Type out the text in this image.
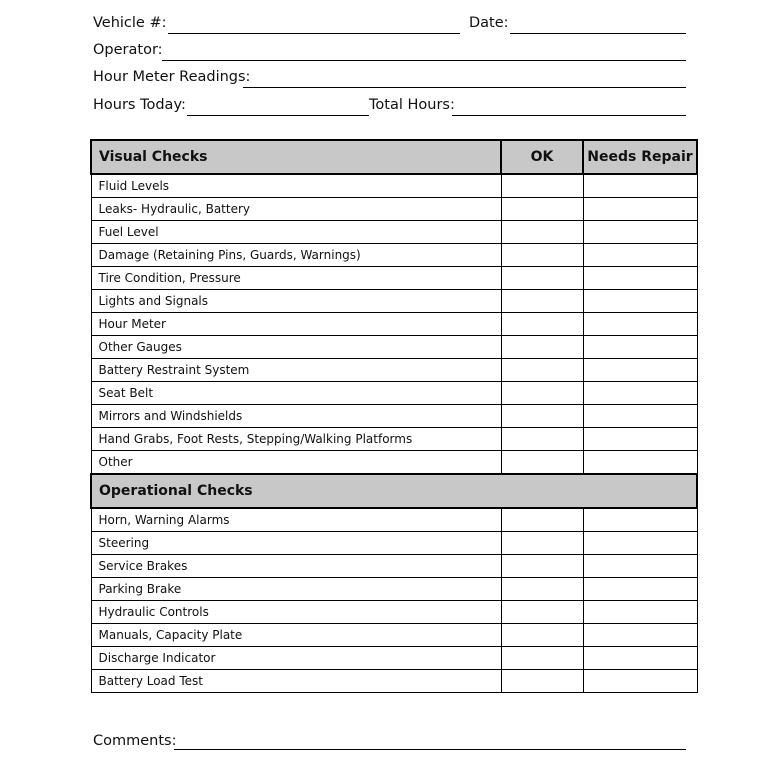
Vehicle #:	Date:
Operator:
Hour Meter Readings:
Hours Today:	Total Hours:
Visual Checks	OK	Needs Repair
Fluid Levels		
Leaks- Hydraulic, Battery		
Fuel Level		
Damage (Retaining Pins, Guards, Warnings)		
Tire Condition, Pressure		
Lights and Signals		
Hour Meter		
Other Gauges		
Battery Restraint System		
Seat Belt		
Mirrors and Windshields		
Hand Grabs, Foot Rests, Stepping/Walking Platforms		
Other		
Operational Checks		
Horn, Warning Alarms		
Steering		
Service Brakes		
Parking Brake		
Hydraulic Controls		
Manuals, Capacity Plate		
Discharge Indicator		
Battery Load Test		
Comments:
